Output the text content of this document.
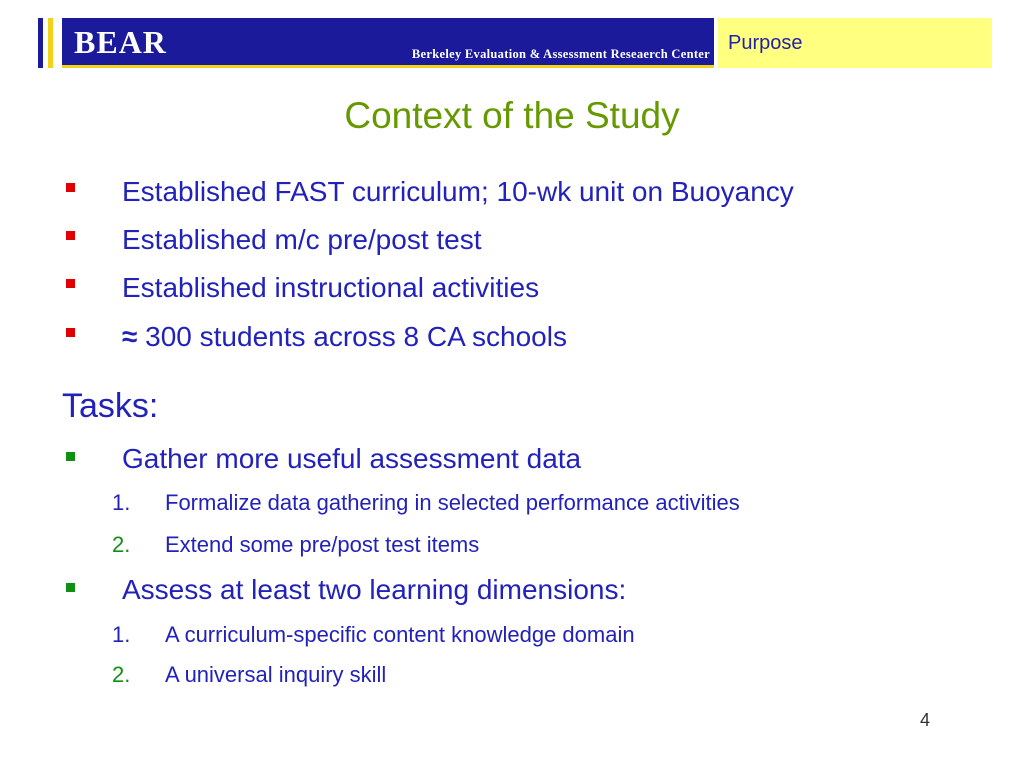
BEAR	Berkeley Evaluation & Assessment Reseaerch Center Purpose
Context of the Study
Established FAST curriculum; 10-wk unit on Buoyancy
Established m/c pre/post test
Established instructional activities
≈ 300 students across 8 CA schools
Tasks:
Gather more useful assessment data
1. Formalize data gathering in selected performance activities
2. Extend some pre/post test items
Assess at least two learning dimensions:
1. A curriculum-specific content knowledge domain
2. A universal inquiry skill
4
